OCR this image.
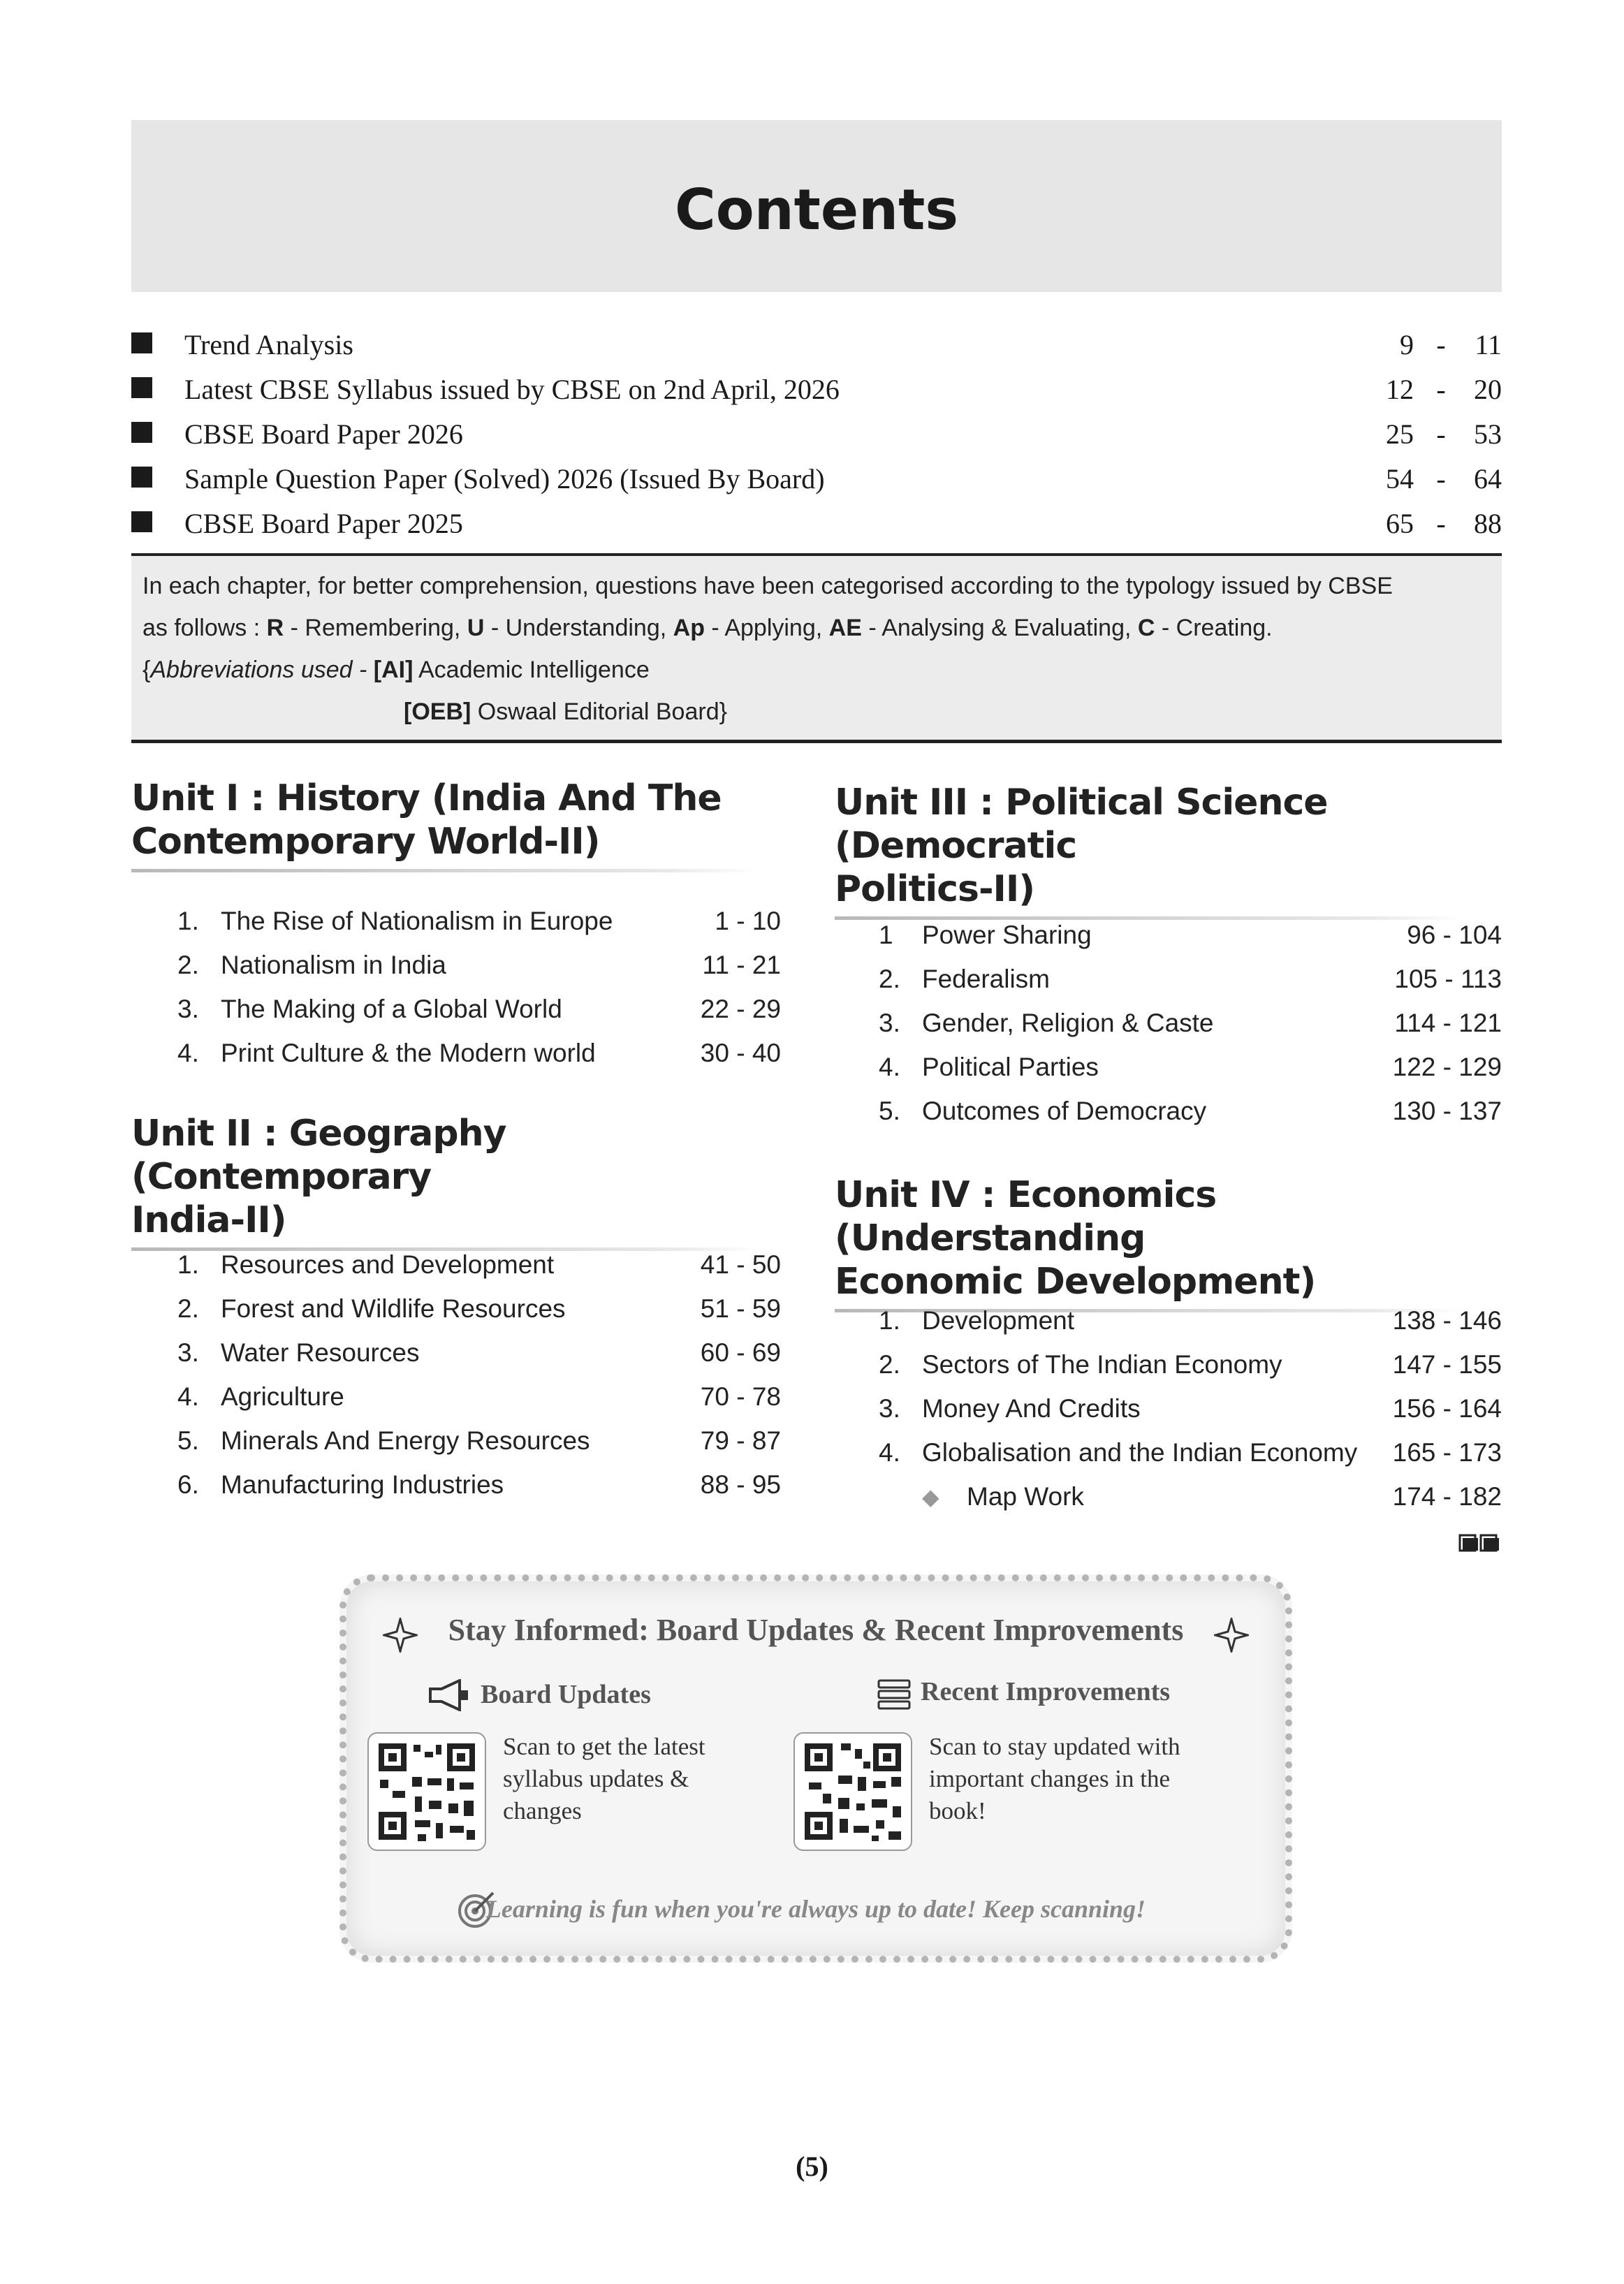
Contents
Trend Analysis	9 -	11
Latest CBSE Syllabus issued by CBSE on 2nd April, 2026	12 -	20
CBSE Board Paper 2026	25 -	53
Sample Question Paper (Solved) 2026 (Issued By Board)	54 -	64
CBSE Board Paper 2025	65 -	88
In each chapter, for better comprehension, questions have been categorised according to the typology issued by CBSE
as follows : R - Remembering, U - Understanding, Ap - Applying, AE - Analysing & Evaluating, C - Creating.
{Abbreviations used - [AI] Academic Intelligence
[OEB] Oswaal Editorial Board}
Unit I : History (India And The
Contemporary World-II)
1. The Rise of Nationalism in Europe	1 - 10
2. Nationalism in India	11 - 21
3. The Making of a Global World	22 - 29
4. Print Culture & the Modern world	30 - 40
Unit II : Geography (Contemporary
India-II)
1. Resources and Development	41 - 50
2. Forest and Wildlife Resources	51 - 59
3. Water Resources	60 - 69
4. Agriculture	70 - 78
5. Minerals And Energy Resources	79 - 87
6. Manufacturing Industries	88 - 95
Unit III : Political Science (Democratic
Politics-II)
1 Power Sharing	96 - 104
2. Federalism	105 - 113
3. Gender, Religion & Caste	114 - 121
4. Political Parties	122 - 129
5. Outcomes of Democracy	130 - 137
Unit IV : Economics (Understanding
Economic Development)
1. Development	138 - 146
2. Sectors of The Indian Economy	147 - 155
3. Money And Credits	156 - 164
4. Globalisation and the Indian Economy 165 - 173
◆ Map Work	174 - 182
Stay Informed: Board Updates & Recent Improvements
Board Updates
Scan to get the latest
syllabus updates &
changes
Recent Improvements
Scan to stay updated with
important changes in the
book!
Learning is fun when you're always up to date! Keep scanning!
(5)
